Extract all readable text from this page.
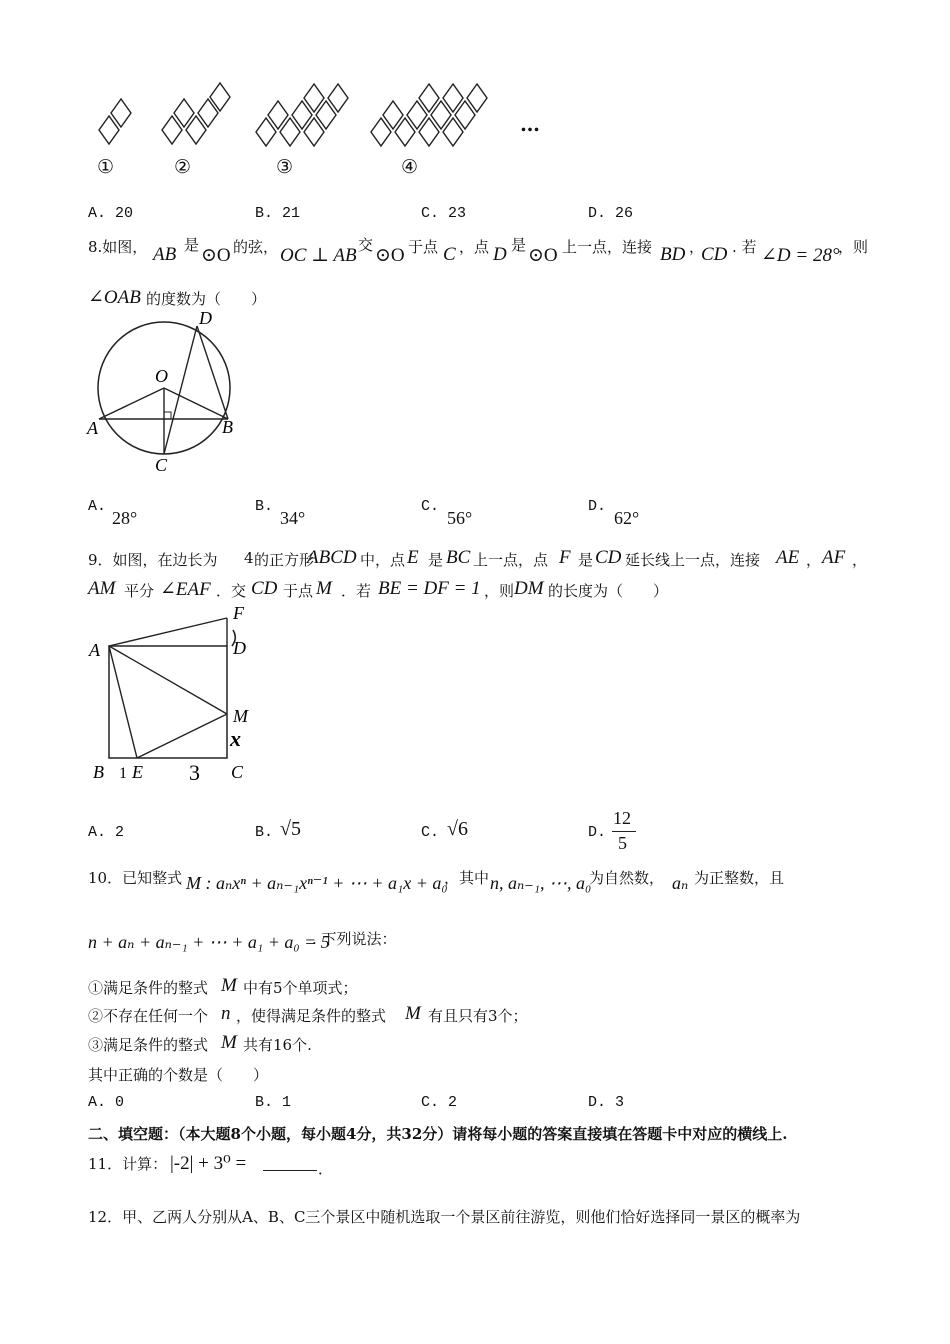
①	②	③	④
…
A. 20	B. 21	C. 23	D. 26
8.如图， AB 是 ⊙O 的弦， OC ⊥ AB 交 ⊙O 于点 C ，点 D 是 ⊙O 上一点，连接 BD ，
CD . 若 ∠D = 28°
，则
∠OAB 的度数为（　　）
D
O
A	B
C
A.
28°
B.
34°
C.
56°
D.
62°
9．如图，在边长为 4 的正方形
ABCD 中，点 E 是 BC 上一点，点 F 是 CD 延长线上一点，连接 AE ， AF ，
AM 平分 ∠EAF ．交 CD 于点 M ．若 BE = DF = 1 ，则 DM 的长度为（　　）
F
A	D
M
B E	C
1	3
x
A. 2	B. √5	C. √6	D.
12
5
10．已知整式 M : aₙxⁿ + aₙ₋₁xⁿ⁻¹ + ⋯ + a₁x + a₀
，其中 n, aₙ₋₁, ⋯, a₀
为自然数， aₙ 为正整数，且
n + aₙ + aₙ₋₁ + ⋯ + a₁ + a₀ = 5
. 下列说法：
①满足条件的整式 M 中有5个单项式；
②不存在任何一个 n ，使得满足条件的整式 M 有且只有3个；
③满足条件的整式 M 共有16个.
其中正确的个数是（　　）
A. 0	B. 1	C. 2	D. 3
二、填空题：（本大题8个小题，每小题4分，共32分）请将每小题的答案直接填在答题卡中对应的横线上.
11．计算： |-2| + 3⁰ =	．
12．甲、乙两人分别从A、B、C三个景区中随机选取一个景区前往游览，则他们恰好选择同一景区的概率为
